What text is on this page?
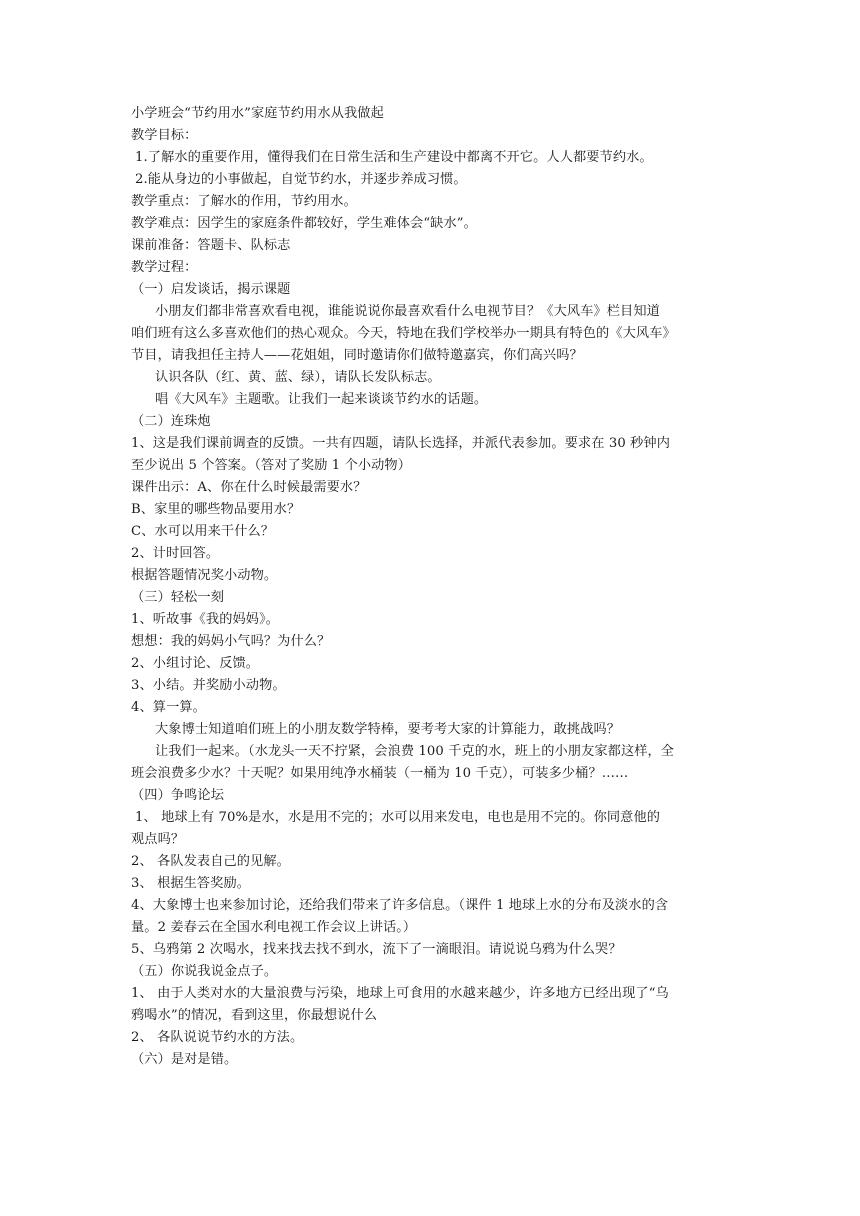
小学班会“节约用水”家庭节约用水从我做起
教学目标：
1.了解水的重要作用，懂得我们在日常生活和生产建设中都离不开它。人人都要节约水。
2.能从身边的小事做起，自觉节约水，并逐步养成习惯。
教学重点：了解水的作用，节约用水。
教学难点：因学生的家庭条件都较好，学生难体会“缺水”。
课前准备：答题卡、队标志
教学过程：
（一）启发谈话，揭示课题
小朋友们都非常喜欢看电视，谁能说说你最喜欢看什么电视节目？《大风车》栏目知道
咱们班有这么多喜欢他们的热心观众。今天，特地在我们学校举办一期具有特色的《大风车》
节目，请我担任主持人——花姐姐，同时邀请你们做特邀嘉宾，你们高兴吗？
认识各队（红、黄、蓝、绿），请队长发队标志。
唱《大风车》主题歌。让我们一起来谈谈节约水的话题。
（二）连珠炮
1、这是我们课前调查的反馈。一共有四题，请队长选择，并派代表参加。要求在 30 秒钟内
至少说出 5 个答案。（答对了奖励 1 个小动物）
课件出示：A、你在什么时候最需要水？
B、家里的哪些物品要用水？
C、水可以用来干什么？
2、计时回答。
根据答题情况奖小动物。
（三）轻松一刻
1、听故事《我的妈妈》。
想想：我的妈妈小气吗？为什么？
2、小组讨论、反馈。
3、小结。并奖励小动物。
4、算一算。
大象博士知道咱们班上的小朋友数学特棒，要考考大家的计算能力，敢挑战吗？
让我们一起来。（水龙头一天不拧紧，会浪费 100 千克的水，班上的小朋友家都这样，全
班会浪费多少水？十天呢？如果用纯净水桶装（一桶为 10 千克），可装多少桶？……
（四）争鸣论坛
1、 地球上有 70%是水，水是用不完的；水可以用来发电，电也是用不完的。你同意他的
观点吗？
2、 各队发表自己的见解。
3、 根据生答奖励。
4、大象博士也来参加讨论，还给我们带来了许多信息。（课件 1 地球上水的分布及淡水的含
量。2 姜春云在全国水利电视工作会议上讲话。）
5、乌鸦第 2 次喝水，找来找去找不到水，流下了一滴眼泪。请说说乌鸦为什么哭？
（五）你说我说金点子。
1、 由于人类对水的大量浪费与污染，地球上可食用的水越来越少，许多地方已经出现了“乌
鸦喝水”的情况，看到这里，你最想说什么
2、 各队说说节约水的方法。
（六）是对是错。
